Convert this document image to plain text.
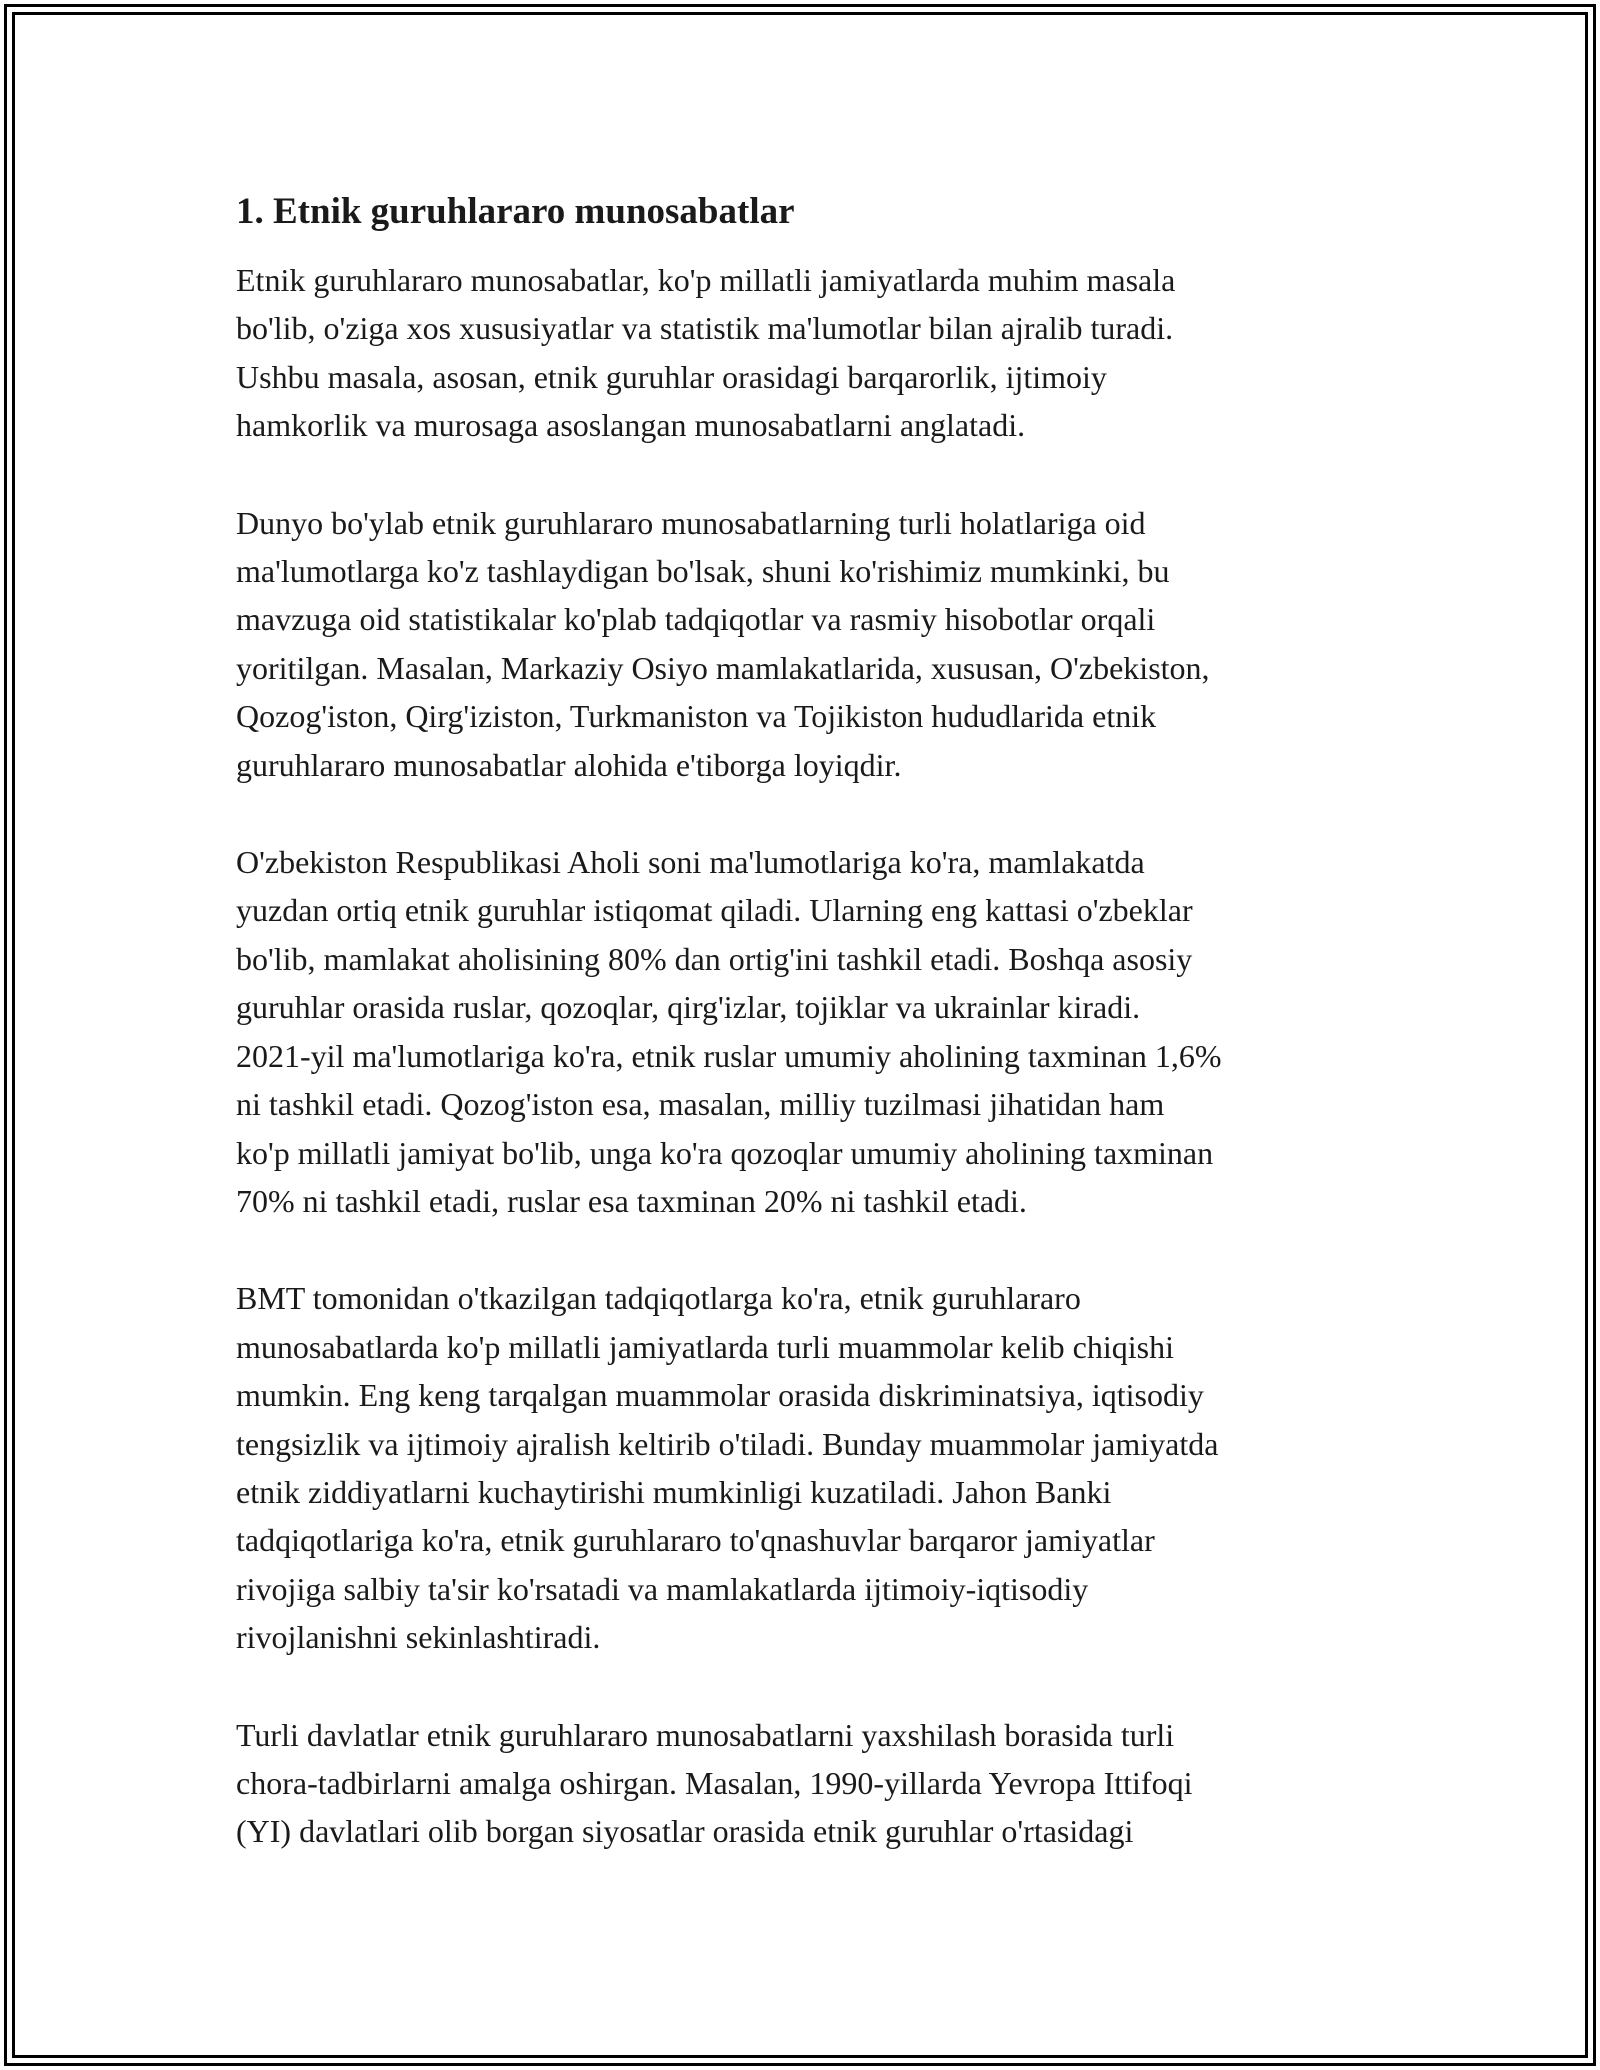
1. Etnik guruhlararo munosabatlar
Etnik guruhlararo munosabatlar, ko'p millatli jamiyatlarda muhim masala
bo'lib, o'ziga xos xususiyatlar va statistik ma'lumotlar bilan ajralib turadi.
Ushbu masala, asosan, etnik guruhlar orasidagi barqarorlik, ijtimoiy
hamkorlik va murosaga asoslangan munosabatlarni anglatadi.
Dunyo bo'ylab etnik guruhlararo munosabatlarning turli holatlariga oid
ma'lumotlarga ko'z tashlaydigan bo'lsak, shuni ko'rishimiz mumkinki, bu
mavzuga oid statistikalar ko'plab tadqiqotlar va rasmiy hisobotlar orqali
yoritilgan. Masalan, Markaziy Osiyo mamlakatlarida, xususan, O'zbekiston,
Qozog'iston, Qirg'iziston, Turkmaniston va Tojikiston hududlarida etnik
guruhlararo munosabatlar alohida e'tiborga loyiqdir.
O'zbekiston Respublikasi Aholi soni ma'lumotlariga ko'ra, mamlakatda
yuzdan ortiq etnik guruhlar istiqomat qiladi. Ularning eng kattasi o'zbeklar
bo'lib, mamlakat aholisining 80% dan ortig'ini tashkil etadi. Boshqa asosiy
guruhlar orasida ruslar, qozoqlar, qirg'izlar, tojiklar va ukrainlar kiradi.
2021-yil ma'lumotlariga ko'ra, etnik ruslar umumiy aholining taxminan 1,6%
ni tashkil etadi. Qozog'iston esa, masalan, milliy tuzilmasi jihatidan ham
ko'p millatli jamiyat bo'lib, unga ko'ra qozoqlar umumiy aholining taxminan
70% ni tashkil etadi, ruslar esa taxminan 20% ni tashkil etadi.
BMT tomonidan o'tkazilgan tadqiqotlarga ko'ra, etnik guruhlararo
munosabatlarda ko'p millatli jamiyatlarda turli muammolar kelib chiqishi
mumkin. Eng keng tarqalgan muammolar orasida diskriminatsiya, iqtisodiy
tengsizlik va ijtimoiy ajralish keltirib o'tiladi. Bunday muammolar jamiyatda
etnik ziddiyatlarni kuchaytirishi mumkinligi kuzatiladi. Jahon Banki
tadqiqotlariga ko'ra, etnik guruhlararo to'qnashuvlar barqaror jamiyatlar
rivojiga salbiy ta'sir ko'rsatadi va mamlakatlarda ijtimoiy-iqtisodiy
rivojlanishni sekinlashtiradi.
Turli davlatlar etnik guruhlararo munosabatlarni yaxshilash borasida turli
chora-tadbirlarni amalga oshirgan. Masalan, 1990-yillarda Yevropa Ittifoqi
(YI) davlatlari olib borgan siyosatlar orasida etnik guruhlar o'rtasidagi
